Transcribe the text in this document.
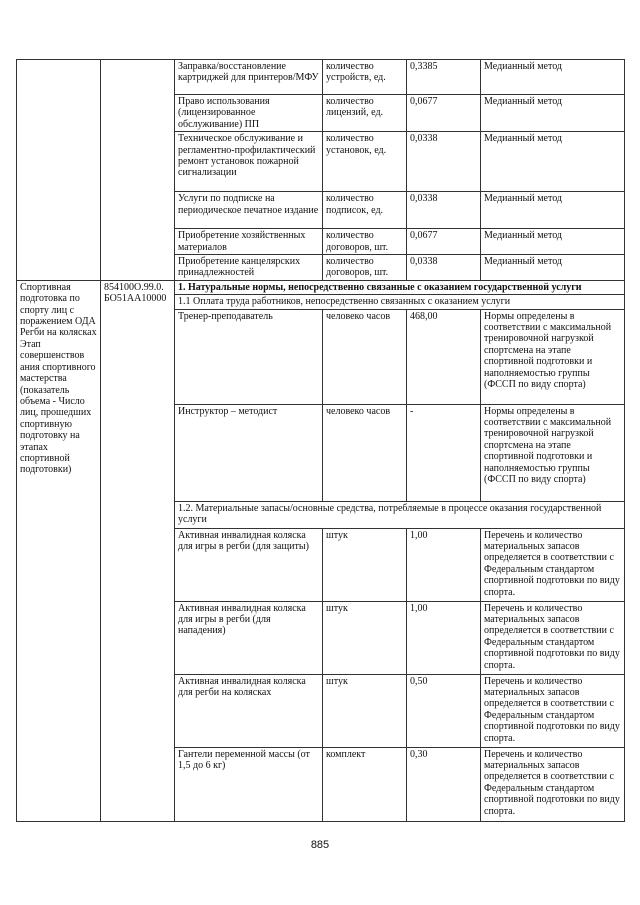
		Заправка/восстановление картриджей для принтеров/МФУ	количество устройств, ед.	0,3385	Медианный метод
		Право использования (лицензированное обслуживание) ПП	количество лицензий, ед.	0,0677	Медианный метод
		Техническое обслуживание и регламентно-профилактический ремонт установок пожарной сигнализации	количество установок, ед.	0,0338	Медианный метод
		Услуги по подписке на периодическое печатное издание	количество подписок, ед.	0,0338	Медианный метод
		Приобретение хозяйственных материалов	количество договоров, шт.	0,0677	Медианный метод
		Приобретение канцелярских принадлежностей	количество договоров, шт.	0,0338	Медианный метод
Спортивная подготовка по спорту лиц с поражением ОДА Регби на колясках Этап совершенствов ания спортивного мастерства (показатель объема - Число лиц, прошедших спортивную подготовку на этапах спортивной подготовки)	854100О.99.0. БО51АА10000	1. Натуральные нормы, непосредственно связанные с оказанием государственной услуги			
		1.1 Оплата труда работников, непосредственно связанных с оказанием услуги			
		Тренер-преподаватель	человеко часов	468,00	Нормы определены в соответствии с максимальной тренировочной нагрузкой спортсмена на этапе спортивной подготовки и наполняемостью группы (ФССП по виду спорта)
		Инструктор – методист	человеко часов	-	Нормы определены в соответствии с максимальной тренировочной нагрузкой спортсмена на этапе спортивной подготовки и наполняемостью группы (ФССП по виду спорта)
		1.2. Материальные запасы/основные средства, потребляемые в процессе оказания государственной услуги			
		Активная инвалидная коляска для игры в регби (для защиты)	штук	1,00	Перечень и количество материальных запасов определяется в соответствии с Федеральным стандартом спортивной подготовки по виду спорта.
		Активная инвалидная коляска для игры в регби (для нападения)	штук	1,00	Перечень и количество материальных запасов определяется в соответствии с Федеральным стандартом спортивной подготовки по виду спорта.
		Активная инвалидная коляска для регби на колясках	штук	0,50	Перечень и количество материальных запасов определяется в соответствии с Федеральным стандартом спортивной подготовки по виду спорта.
		Гантели переменной массы (от 1,5 до 6 кг)	комплект	0,30	Перечень и количество материальных запасов определяется в соответствии с Федеральным стандартом спортивной подготовки по виду спорта.
885
